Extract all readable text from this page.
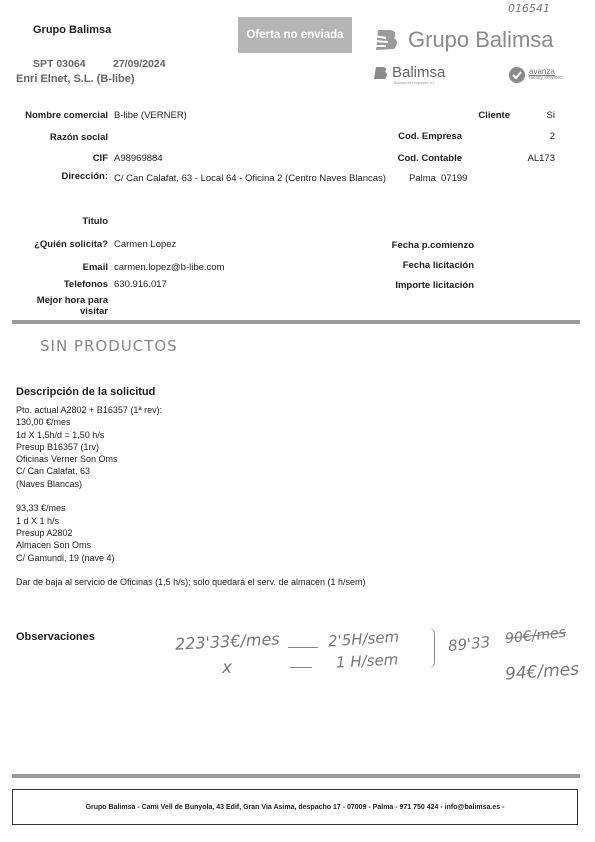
016541
Grupo Balimsa	Oferta no enviada
SPT 03064	27/09/2024
Enri Elnet, S.L. (B-libe)
Grupo Balimsa
Balimsa
Balimsa de Limpiezas, s.l.
avanza
facility services
Nombre comercial B-libe (VERNER)
Razón social
CIF A98969884
Dirección: C/ Can Calafat, 63 - Local 64 - Oficina 2 (Centro Naves Blancas) Palma 07199
Cliente	Si
Cod. Empresa	2
Cod. Contable	AL173
Titulo
¿Quién solicita? Carmen Lopez
Email carmen.lopez@b-libe.com
Telefonos 630.916.017
Mejor hora para visitar
Fecha p.comienzo
Fecha licitación
Importe licitación
SIN PRODUCTOS
Descripción de la solicitud
Pto. actual A2802 + B16357 (1ª rev):
130,00 €/mes
1d X 1,5h/d = 1,50 h/s
Presup B16357 (1rv)
Oficinas Verner Son Oms
C/ Can Calafat, 63
(Naves Blancas)
93,33 €/mes
1 d X 1 h/s
Presup A2802
Almacen Son Oms
C/ Gamundi, 19 (nave 4)
Dar de baja al servicio de Oficinas (1,5 h/s); solo quedará el serv. de almacen (1 h/sem)
Observaciones	223'33€/mes	2'5H/sem
x	1 H/sem
89'33 90€/mes
94€/mes
Grupo Balimsa - Cami Vell de Bunyola, 43 Edif, Gran Via Asima, despacho 17 - 07009 - Palma - 971 750 424 - info@balimsa.es -
